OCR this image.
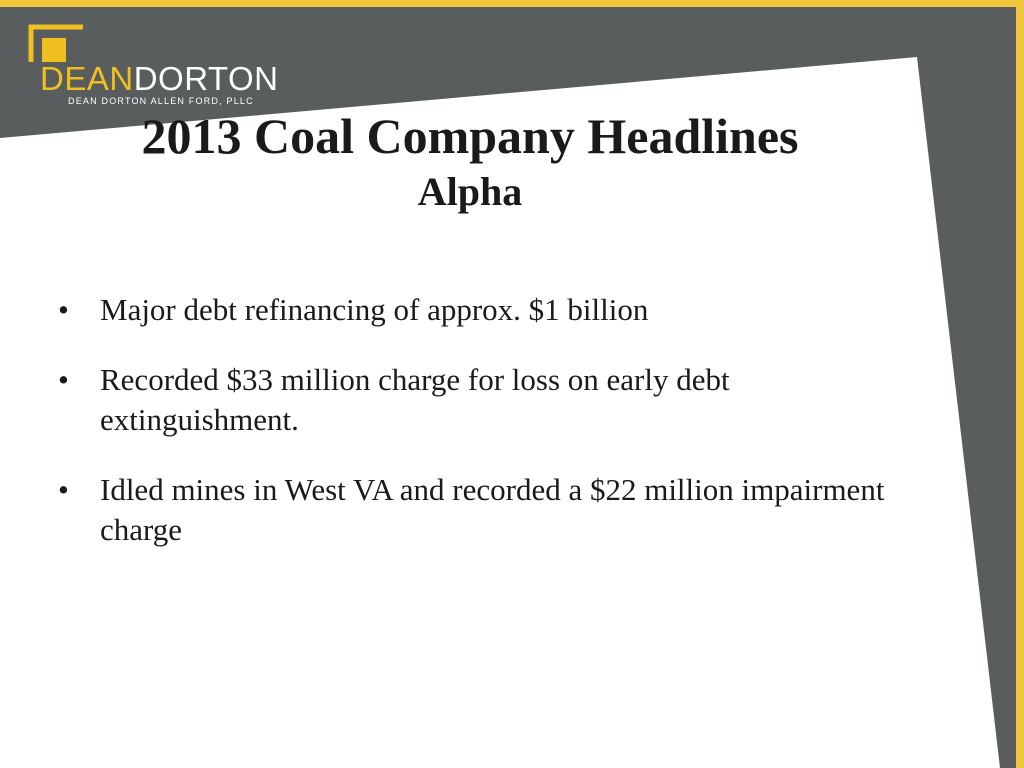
DEANDORTON
DEAN DORTON ALLEN FORD, PLLC
2013 Coal Company Headlines
Alpha
• Major debt refinancing of approx. $1 billion
• Recorded $33 million charge for loss on early debt extinguishment.
• Idled mines in West VA and recorded a $22 million impairment charge
